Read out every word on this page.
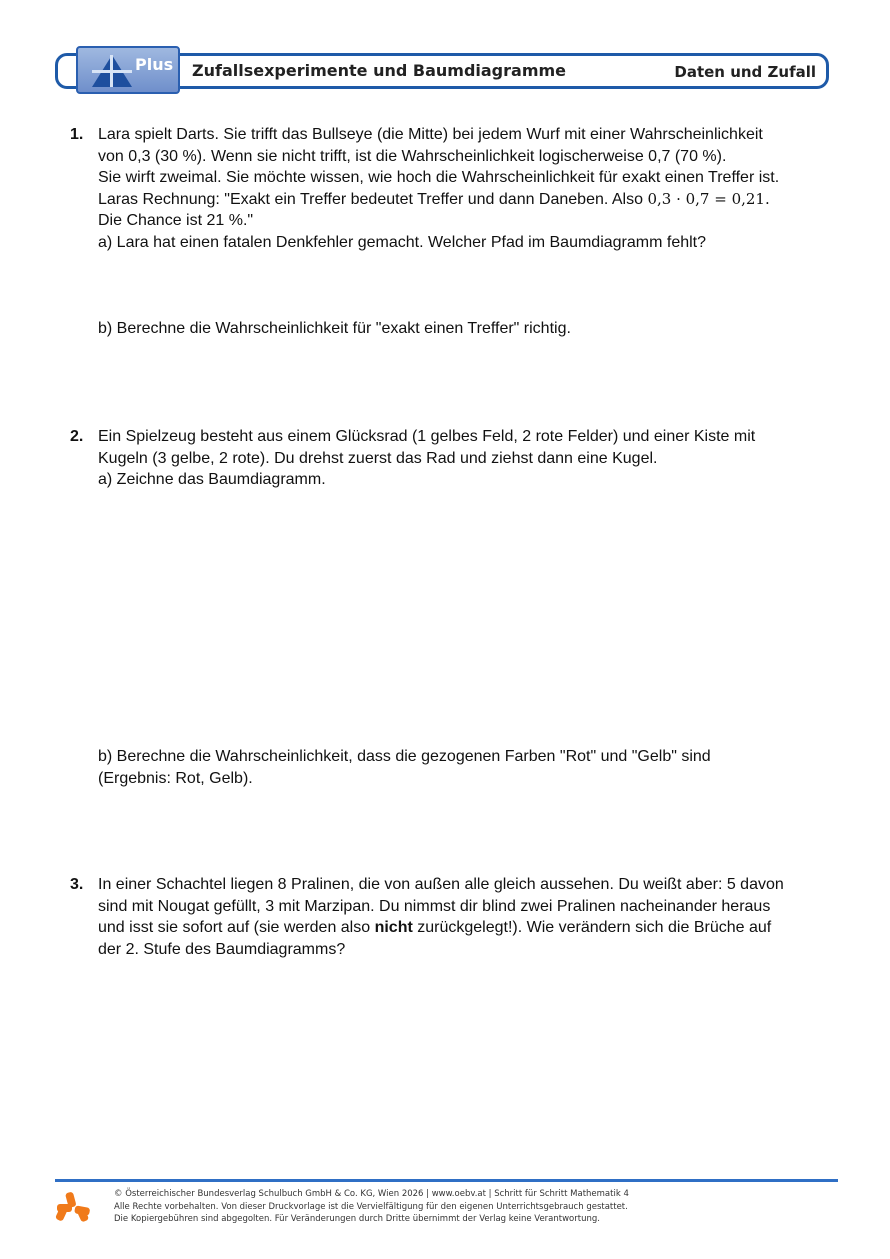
Plus Zufallsexperimente und Baumdiagramme	Daten und Zufall
1. Lara spielt Darts. Sie trifft das Bullseye (die Mitte) bei jedem Wurf mit einer Wahrscheinlichkeit
von 0,3 (30 %). Wenn sie nicht trifft, ist die Wahrscheinlichkeit logischerweise 0,7 (70 %).
Sie wirft zweimal. Sie möchte wissen, wie hoch die Wahrscheinlichkeit für exakt einen Treffer ist.
Laras Rechnung: "Exakt ein Treffer bedeutet Treffer und dann Daneben. Also 0,3 · 0,7 = 0,21.
Die Chance ist 21 %."
a) Lara hat einen fatalen Denkfehler gemacht. Welcher Pfad im Baumdiagramm fehlt?
b) Berechne die Wahrscheinlichkeit für "exakt einen Treffer" richtig.
2. Ein Spielzeug besteht aus einem Glücksrad (1 gelbes Feld, 2 rote Felder) und einer Kiste mit
Kugeln (3 gelbe, 2 rote). Du drehst zuerst das Rad und ziehst dann eine Kugel.
a) Zeichne das Baumdiagramm.
b) Berechne die Wahrscheinlichkeit, dass die gezogenen Farben "Rot" und "Gelb" sind
(Ergebnis: Rot, Gelb).
3. In einer Schachtel liegen 8 Pralinen, die von außen alle gleich aussehen. Du weißt aber: 5 davon
sind mit Nougat gefüllt, 3 mit Marzipan. Du nimmst dir blind zwei Pralinen nacheinander heraus
und isst sie sofort auf (sie werden also nicht zurückgelegt!). Wie verändern sich die Brüche auf
der 2. Stufe des Baumdiagramms?
© Österreichischer Bundesverlag Schulbuch GmbH & Co. KG, Wien 2026 | www.oebv.at | Schritt für Schritt Mathematik 4
Alle Rechte vorbehalten. Von dieser Druckvorlage ist die Vervielfältigung für den eigenen Unterrichtsgebrauch gestattet.
Die Kopiergebühren sind abgegolten. Für Veränderungen durch Dritte übernimmt der Verlag keine Verantwortung.
